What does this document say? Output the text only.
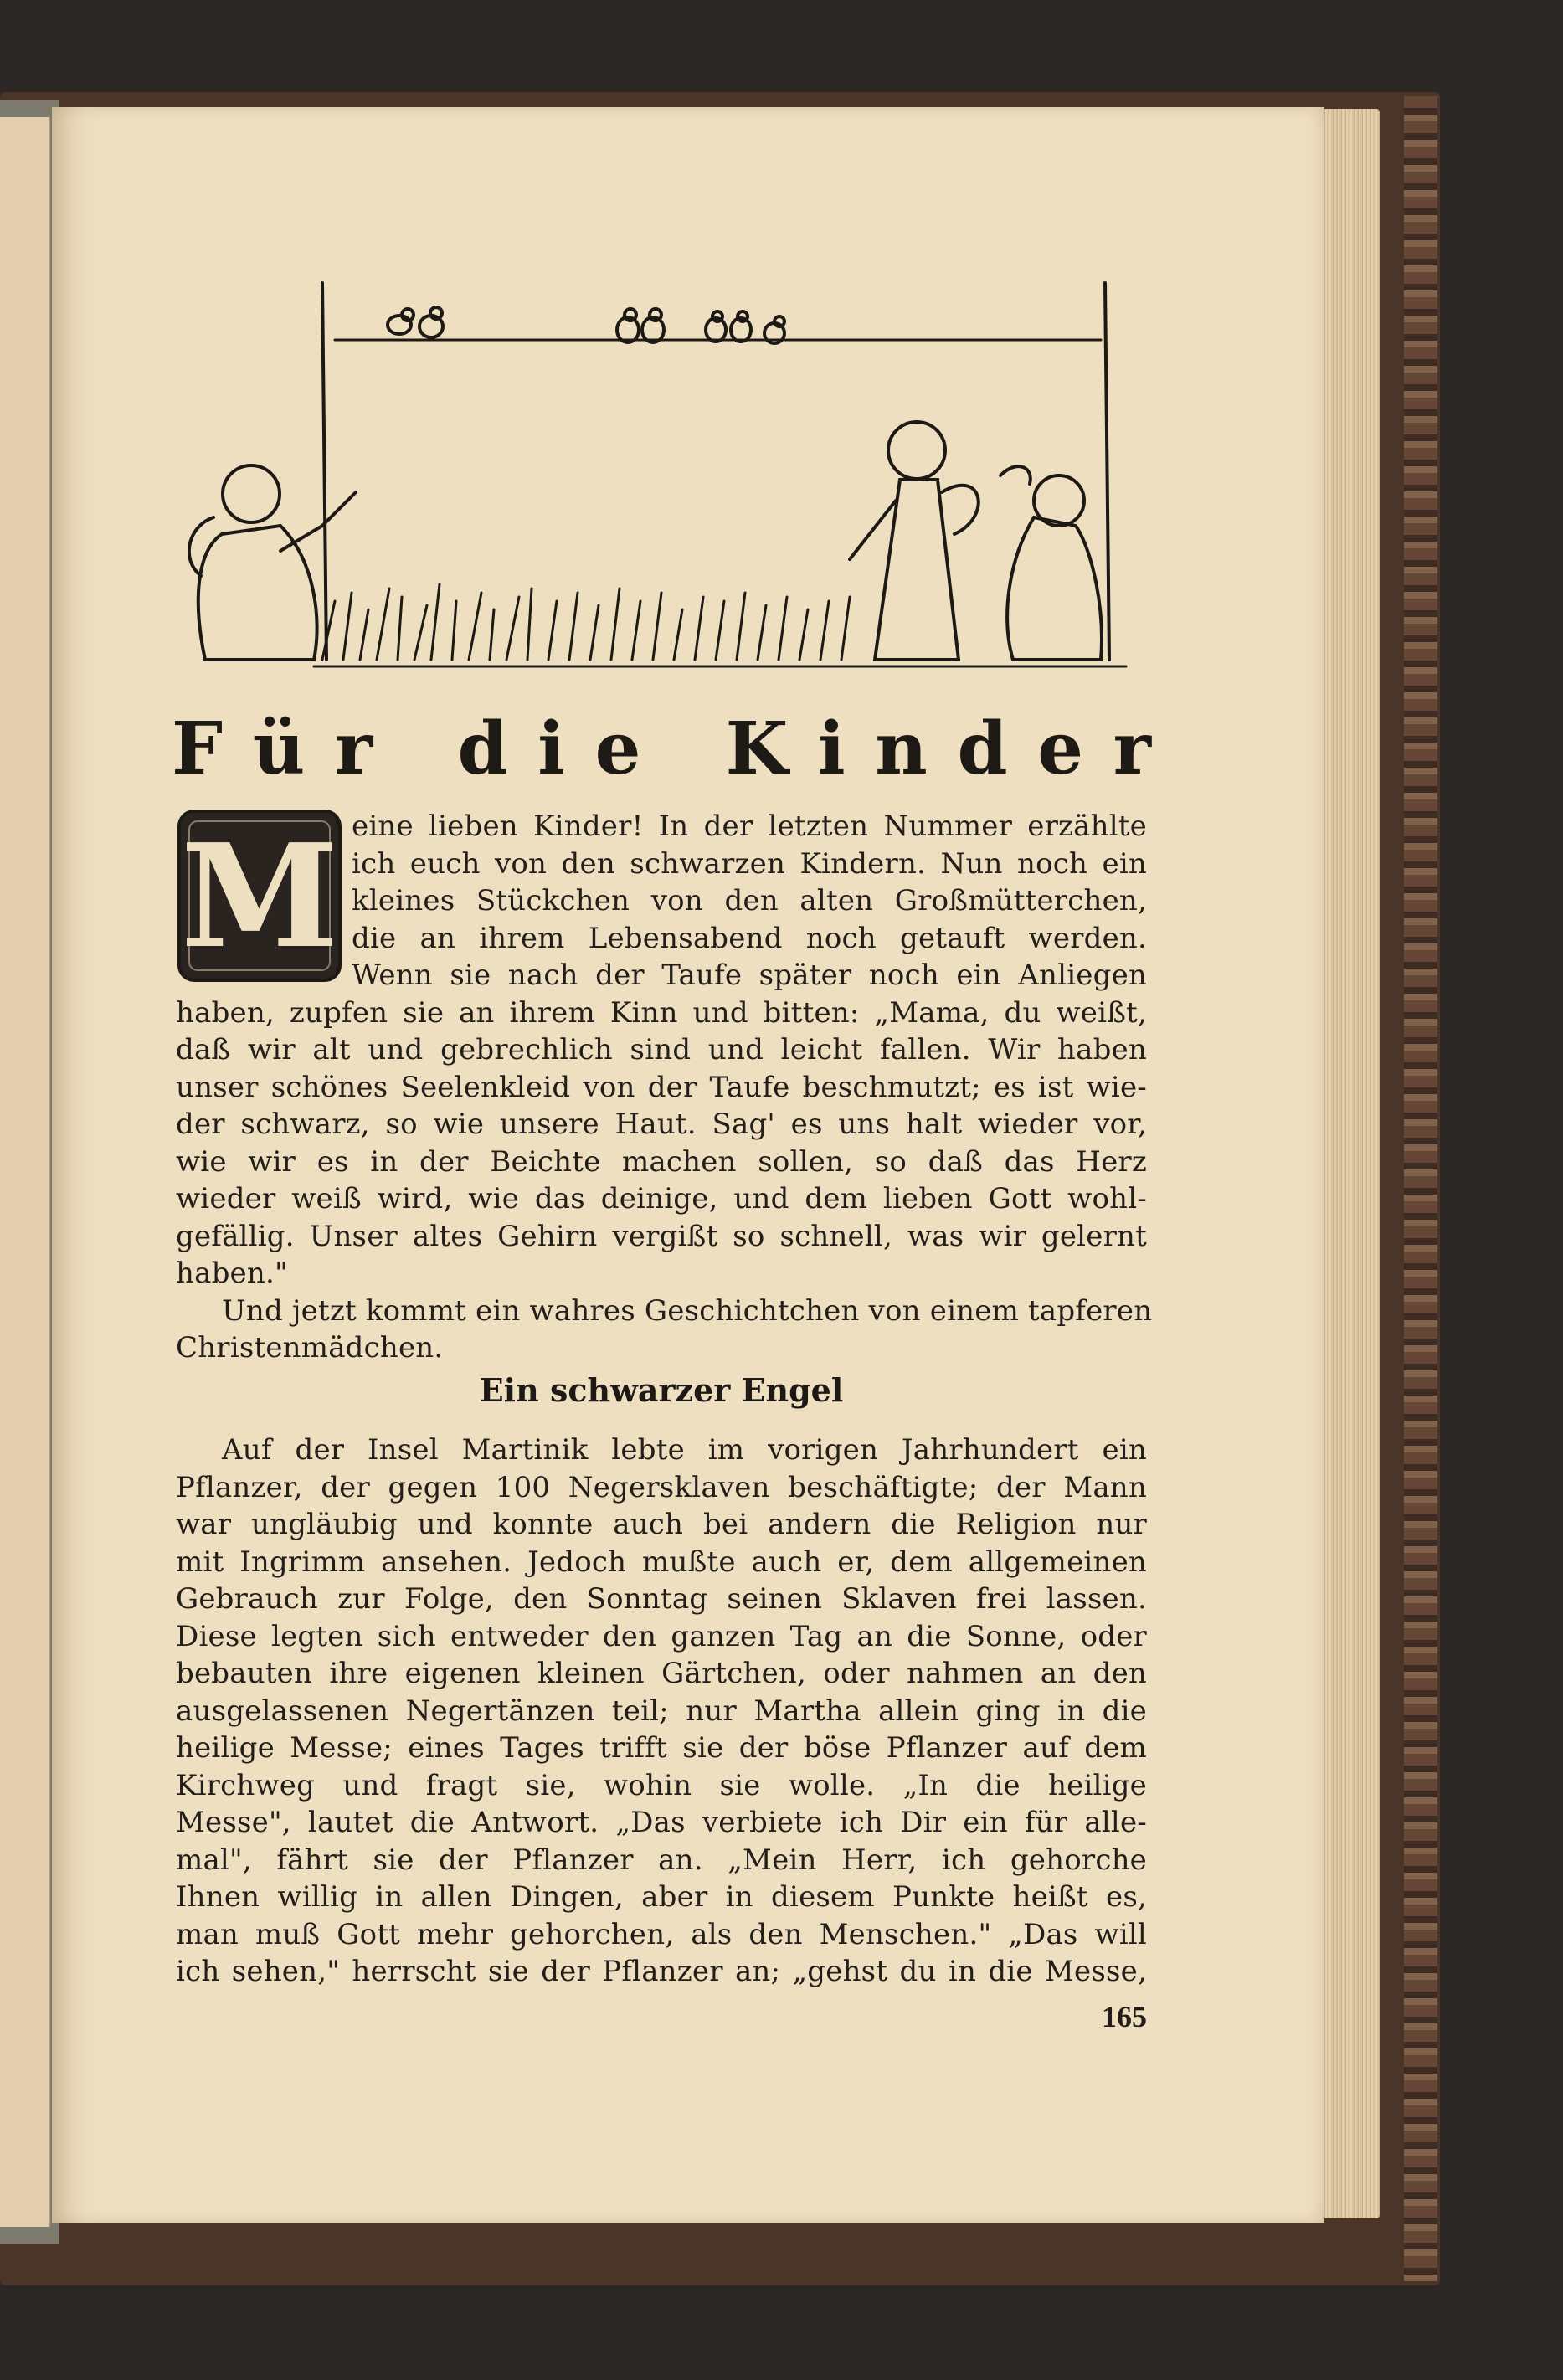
F ü r d i e K i n d e r
M eine lieben Kinder! In der letzten Nummer erzählte
ich euch von den schwarzen Kindern. Nun noch ein
kleines Stückchen von den alten Großmütterchen,
die an ihrem Lebensabend noch getauft werden.
Wenn sie nach der Taufe später noch ein Anliegen
haben, zupfen sie an ihrem Kinn und bitten: „Mama, du weißt,
daß wir alt und gebrechlich sind und leicht fallen. Wir haben
unser schönes Seelenkleid von der Taufe beschmutzt; es ist wie-
der schwarz, so wie unsere Haut. Sag' es uns halt wieder vor,
wie wir es in der Beichte machen sollen, so daß das Herz
wieder weiß wird, wie das deinige, und dem lieben Gott wohl-
gefällig. Unser altes Gehirn vergißt so schnell, was wir gelernt
haben."
Und jetzt kommt ein wahres Geschichtchen von einem tapferen
Christenmädchen.
Ein schwarzer Engel
Auf der Insel Martinik lebte im vorigen Jahrhundert ein
Pflanzer, der gegen 100 Negersklaven beschäftigte; der Mann
war ungläubig und konnte auch bei andern die Religion nur
mit Ingrimm ansehen. Jedoch mußte auch er, dem allgemeinen
Gebrauch zur Folge, den Sonntag seinen Sklaven frei lassen.
Diese legten sich entweder den ganzen Tag an die Sonne, oder
bebauten ihre eigenen kleinen Gärtchen, oder nahmen an den
ausgelassenen Negertänzen teil; nur Martha allein ging in die
heilige Messe; eines Tages trifft sie der böse Pflanzer auf dem
Kirchweg und fragt sie, wohin sie wolle. „In die heilige
Messe", lautet die Antwort. „Das verbiete ich Dir ein für alle-
mal", fährt sie der Pflanzer an. „Mein Herr, ich gehorche
Ihnen willig in allen Dingen, aber in diesem Punkte heißt es,
man muß Gott mehr gehorchen, als den Menschen." „Das will
ich sehen," herrscht sie der Pflanzer an; „gehst du in die Messe,
165
